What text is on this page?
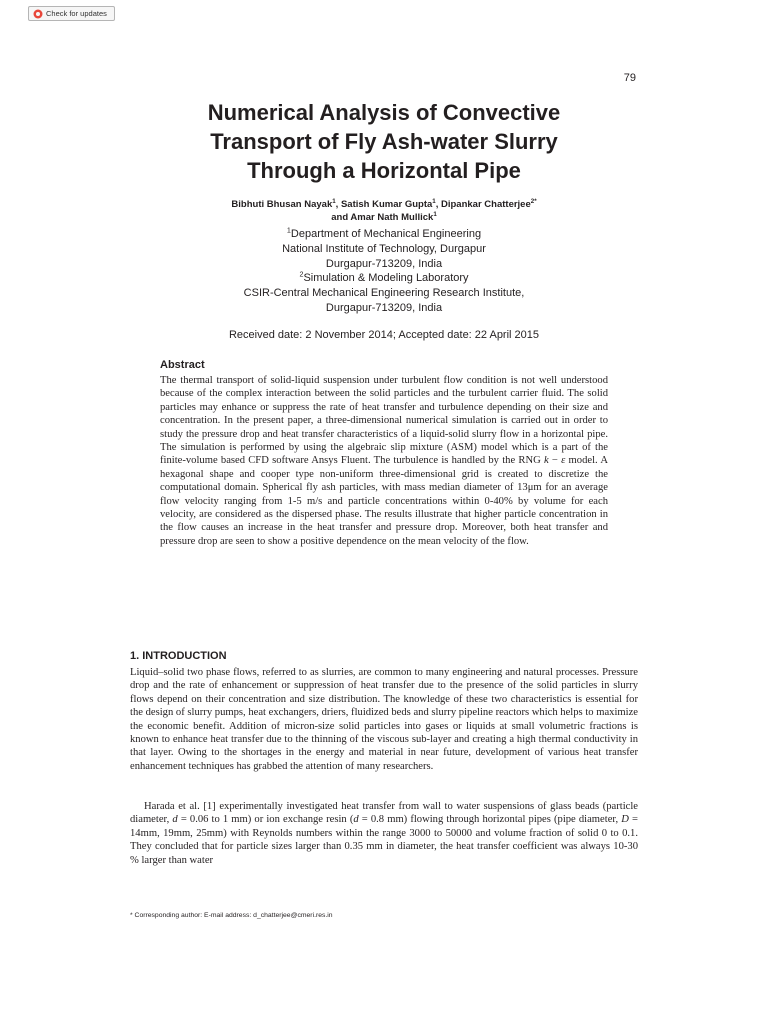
Check for updates
79
Numerical Analysis of Convective
Transport of Fly Ash-water Slurry
Through a Horizontal Pipe
Bibhuti Bhusan Nayak$^1$, Satish Kumar Gupta$^1$, Dipankar Chatterjee$^{2*}$
and Amar Nath Mullick$^1$
$^1$Department of Mechanical Engineering
National Institute of Technology, Durgapur
Durgapur-713209, India
$^2$Simulation & Modeling Laboratory
CSIR-Central Mechanical Engineering Research Institute,
Durgapur-713209, India
Received date: 2 November 2014; Accepted date: 22 April 2015
Abstract

The thermal transport of solid-liquid suspension under turbulent flow condition is not well understood because of the complex interaction between the solid particles and the turbulent carrier fluid. The solid particles may enhance or suppress the rate of heat transfer and turbulence depending on their size and concentration. In the present paper, a three-dimensional numerical simulation is carried out in order to study the pressure drop and heat transfer characteristics of a liquid-solid slurry flow in a horizontal pipe. The simulation is performed by using the algebraic slip mixture (ASM) model which is a part of the finite-volume based CFD software Ansys Fluent. The turbulence is handled by the RNG k − ε model. A hexagonal shape and cooper type non-uniform three-dimensional grid is created to discretize the computational domain. Spherical fly ash particles, with mass median diameter of 13μm for an average flow velocity ranging from 1-5 m/s and particle concentrations within 0-40% by volume for each velocity, are considered as the dispersed phase. The results illustrate that higher particle concentration in the flow causes an increase in the heat transfer and pressure drop. Moreover, both heat transfer and pressure drop are seen to show a positive dependence on the mean velocity of the flow.

1. INTRODUCTION

Liquid–solid two phase flows, referred to as slurries, are common to many engineering and natural processes. Pressure drop and the rate of enhancement or suppression of heat transfer due to the presence of the solid particles in slurry flows depend on their concentration and size distribution. The knowledge of these two characteristics is essential for the design of slurry pumps, heat exchangers, driers, fluidized beds and slurry pipeline reactors which helps to maximize the economic benefit. Addition of micron-size solid particles into gases or liquids at small volumetric fractions is known to enhance heat transfer due to the thinning of the viscous sub-layer and creating a high thermal conductivity in that layer. Owing to the shortages in the energy and material in near future, development of various heat transfer enhancement techniques has grabbed the attention of many researchers.

Harada et al. [1] experimentally investigated heat transfer from wall to water suspensions of glass beads (particle diameter, d = 0.06 to 1 mm) or ion exchange resin (d = 0.8 mm) flowing through horizontal pipes (pipe diameter, D = 14mm, 19mm, 25mm) with Reynolds numbers within the range 3000 to 50000 and volume fraction of solid 0 to 0.1. They concluded that for particle sizes larger than 0.35 mm in diameter, the heat transfer coefficient was always 10-30 % larger than water

* Corresponding author: E-mail address: d_chatterjee@cmeri.res.in
